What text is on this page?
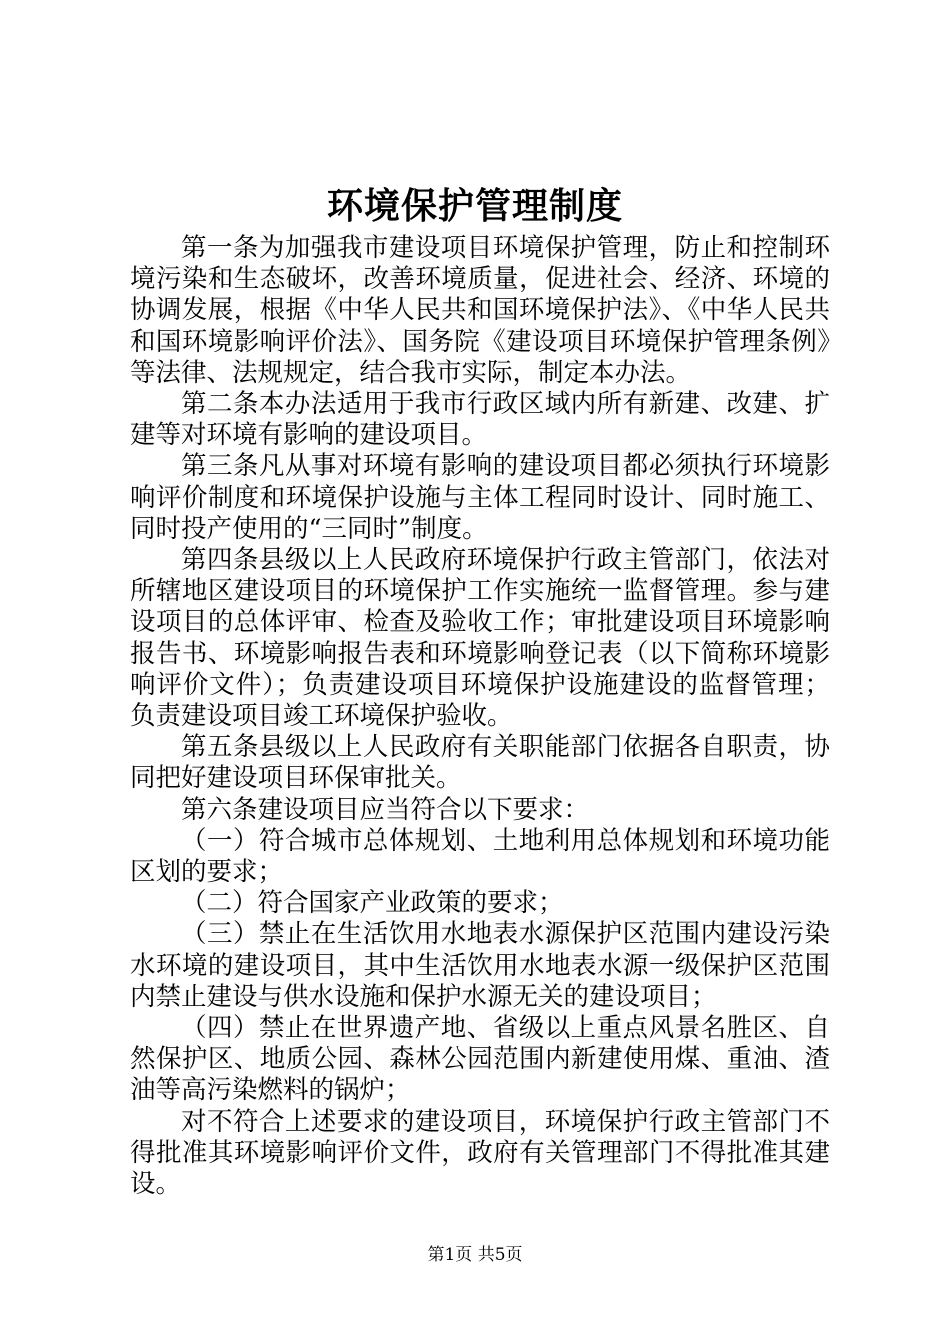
环境保护管理制度

第一条为加强我市建设项目环境保护管理，防止和控制环境污染和生态破坏，改善环境质量，促进社会、经济、环境的协调发展，根据《中华人民共和国环境保护法》、《中华人民共和国环境影响评价法》、国务院《建设项目环境保护管理条例》等法律、法规规定，结合我市实际，制定本办法。

第二条本办法适用于我市行政区域内所有新建、改建、扩建等对环境有影响的建设项目。

第三条凡从事对环境有影响的建设项目都必须执行环境影响评价制度和环境保护设施与主体工程同时设计、同时施工、同时投产使用的“三同时”制度。

第四条县级以上人民政府环境保护行政主管部门，依法对所辖地区建设项目的环境保护工作实施统一监督管理。参与建设项目的总体评审、检查及验收工作；审批建设项目环境影响报告书、环境影响报告表和环境影响登记表（以下简称环境影响评价文件）；负责建设项目环境保护设施建设的监督管理；负责建设项目竣工环境保护验收。

第五条县级以上人民政府有关职能部门依据各自职责，协同把好建设项目环保审批关。

第六条建设项目应当符合以下要求：

（一）符合城市总体规划、土地利用总体规划和环境功能区划的要求；

（二）符合国家产业政策的要求；

（三）禁止在生活饮用水地表水源保护区范围内建设污染水环境的建设项目，其中生活饮用水地表水源一级保护区范围内禁止建设与供水设施和保护水源无关的建设项目；

（四）禁止在世界遗产地、省级以上重点风景名胜区、自然保护区、地质公园、森林公园范围内新建使用煤、重油、渣油等高污染燃料的锅炉；

对不符合上述要求的建设项目，环境保护行政主管部门不得批准其环境影响评价文件，政府有关管理部门不得批准其建设。

第1页 共5页
